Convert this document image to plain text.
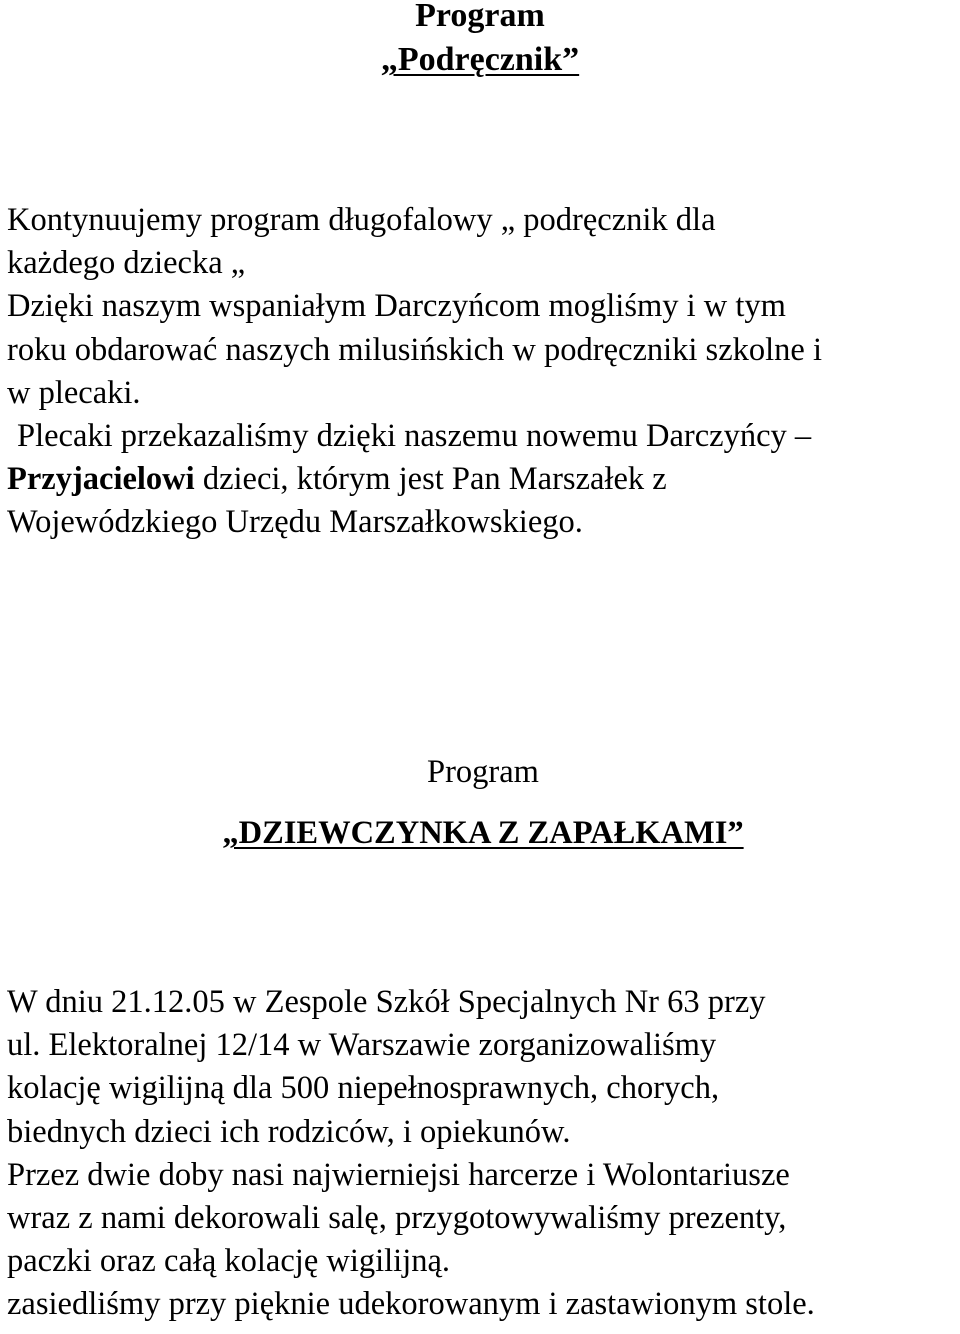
Program
„Podręcznik”

Kontynuujemy program długofalowy „ podręcznik dla
każdego dziecka „
Dzięki naszym wspaniałym Darczyńcom mogliśmy i w tym
roku obdarować naszych milusińskich w podręczniki szkolne i
w plecaki.

Plecaki przekazaliśmy dzięki naszemu nowemu Darczyńcy –
Przyjacielowi dzieci, którym jest Pan Marszałek z
Wojewódzkiego Urzędu Marszałkowskiego.

Program

„DZIEWCZYNKA Z ZAPAŁKAMI”

W dniu 21.12.05 w Zespole Szkół Specjalnych Nr 63 przy
ul. Elektoralnej 12/14 w Warszawie zorganizowaliśmy
kolację wigilijną dla 500 niepełnosprawnych, chorych,
biednych dzieci ich rodziców, i opiekunów.
Przez dwie doby nasi najwierniejsi harcerze i Wolontariusze
wraz z nami dekorowali salę, przygotowywaliśmy prezenty,
paczki oraz całą kolację wigilijną.
zasiedliśmy przy pięknie udekorowanym i zastawionym stole.
